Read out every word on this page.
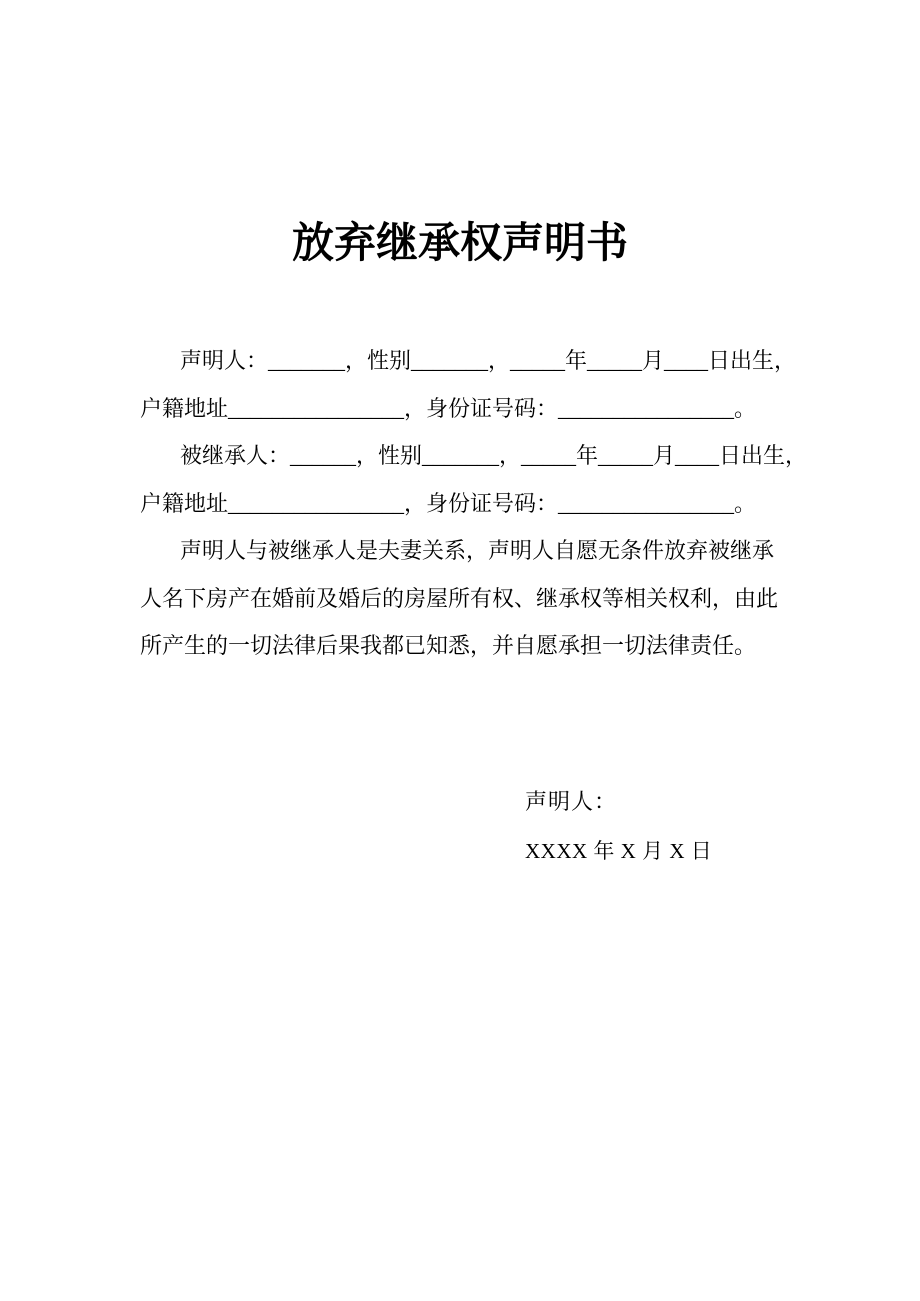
放弃继承权声明书
声明人：_______，性别_______，_____年_____月____日出生，
户籍地址________________，身份证号码：________________。
被继承人：______，性别_______，_____年_____月____日出生，
户籍地址________________，身份证号码：________________。
声明人与被继承人是夫妻关系，声明人自愿无条件放弃被继承
人名下房产在婚前及婚后的房屋所有权、继承权等相关权利，由此
所产生的一切法律后果我都已知悉，并自愿承担一切法律责任。
声明人：
XXXX 年 X 月 X 日
